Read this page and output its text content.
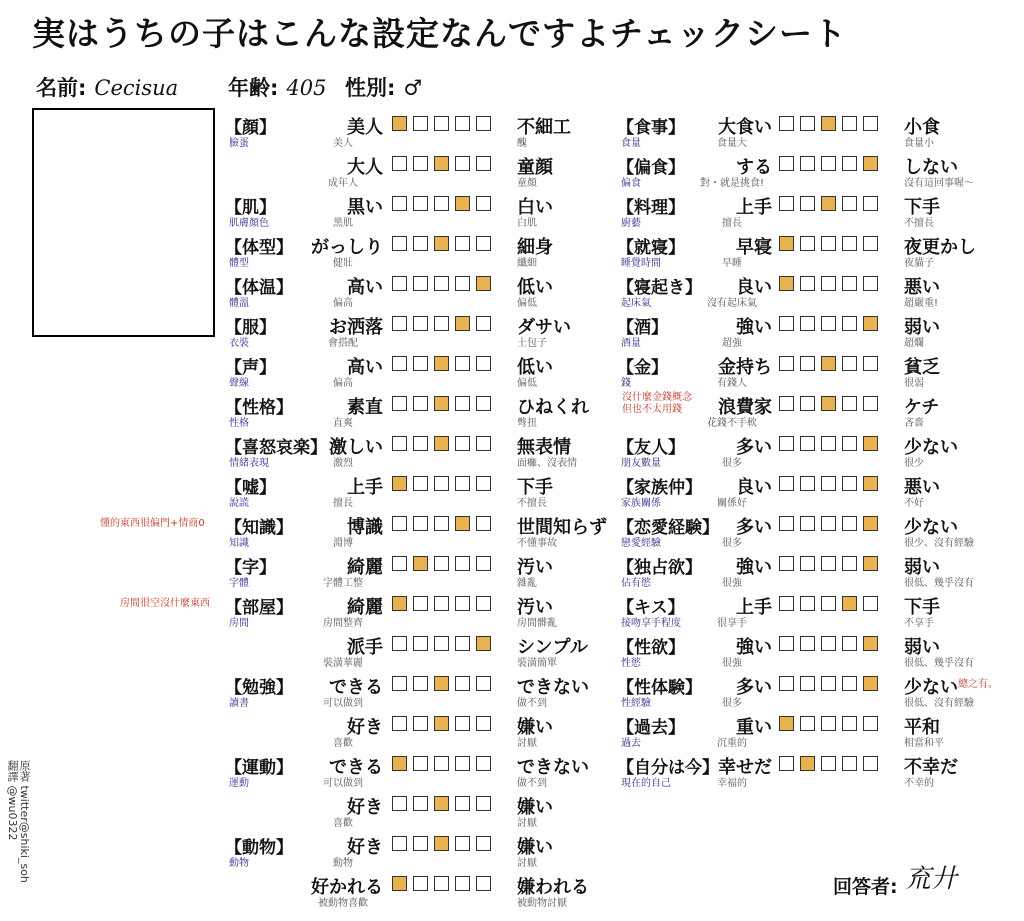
実はうちの子はこんな設定なんですよチェックシート
名前: Cecisua 年齢: 405 性別: ♂
【顔】
臉蛋
美人
美人
不細工
醜
大人
成年人
童顔
童顏
【肌】
肌膚顏色
黒い
黑肌
白い
白肌
【体型】
體型
がっしり
健壯
細身
纖細
【体温】
體溫
高い
偏高
低い
偏低
【服】
衣裝
お洒落
會搭配
ダサい
土包子
【声】
聲線
高い
偏高
低い
偏低
【性格】
性格
素直
直爽
ひねくれ
彆扭
【喜怒哀楽】
情緒表現
激しい
激烈
無表情
面癱、沒表情
【嘘】
說謊
上手
擅長
下手
不擅長
【知識】
知識
博識
淵博
世間知らず
不懂事故
【字】
字體
綺麗
字體工整
汚い
雜亂
【部屋】
房間
綺麗
房間整齊
汚い
房間髒亂
派手
裝潢華麗
シンプル
裝潢簡單
【勉強】
讀書
できる
可以做到
できない
做不到
好き
喜歡
嫌い
討厭
【運動】
運動
できる
可以做到
できない
做不到
好き
喜歡
嫌い
討厭
【動物】
動物
好き
動物
嫌い
討厭
好かれる
被動物喜歡
嫌われる
被動物討厭
【食事】
食量
大食い
食量大
小食
食量小
【偏食】
偏食
する
對・就是挑食!
しない
沒有這回事喔～
【料理】
廚藝
上手
擅長
下手
不擅長
【就寝】
睡覺時間
早寝
早睡
夜更かし
夜貓子
【寝起き】
起床氣
良い
沒有起床氣
悪い
超嚴重!
【酒】
酒量
強い
超強
弱い
超爛
【金】
錢
金持ち
有錢人
貧乏
很弱
浪費家
花錢不手軟
ケチ
吝嗇
【友人】
朋友數量
多い
很多
少ない
很少
【家族仲】
家族關係
良い
關係好
悪い
不好
【恋愛経験】
戀愛經驗
多い
很多
少ない
很少、沒有經驗
【独占欲】
佔有慾
強い
很強
弱い
很低、幾乎沒有
【キス】
接吻享手程度
上手
很享手
下手
不享手
【性欲】
性慾
強い
很強
弱い
很低、幾乎沒有
【性体験】
性經驗
多い
很多
少ない
很低、沒有經驗
【過去】
過去
重い
沉重的
平和
相當和平
【自分は今】
現在的自己
幸せだ
幸福的
不幸だ
不幸的
懂的東西很偏門+情商0
房間很空沒什麼東西
沒什麼金錢概念
但也不太用錢
總之有。
原著 twitter@shiki_soh
翻譯 @wu0322
回答者: 㐬廾
